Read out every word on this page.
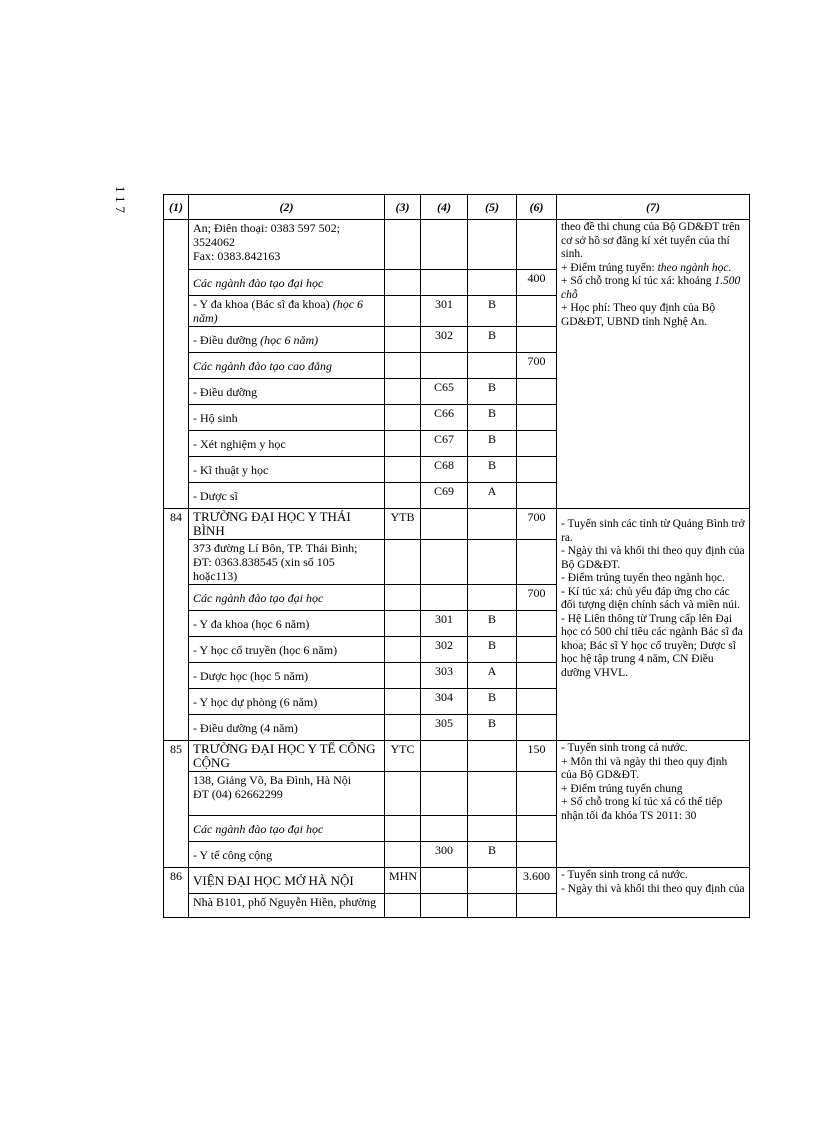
117	(1)	(2)	(3)	(4)	(5)	(6)	(7)

	An; Điên thoại: 0383 597 502; 3524062
Fax: 0383.842163					theo đề thi chung của Bộ GD&ĐT trên cơ sở hồ sơ đăng kí xét tuyển của thí sinh.
+ Điểm trúng tuyển: theo ngành học.
+ Số chỗ trong kí túc xá: khoảng 1.500 chỗ
+ Học phí: Theo quy định của Bộ GD&ĐT, UBND tỉnh Nghệ An.

	Các ngành đào tạo đại học				400	
	- Y đa khoa (Bác sĩ đa khoa) (học 6 năm)		301	B		
	- Điều dưỡng (học 6 năm)		302	B		
	Các ngành đào tạo cao đẳng				700	
	- Điều dưỡng		C65	B		
	- Hộ sinh		C66	B		
	- Xét nghiệm y học		C67	B		
	- Kĩ thuật y học		C68	B		
	- Dược sĩ		C69	A		
84	TRƯỜNG ĐẠI HỌC Y THÁI BÌNH	YTB			700	- Tuyển sinh các tỉnh từ Quảng Bình trở ra.
- Ngày thi và khối thi theo quy định của Bộ GD&ĐT.
- Điểm trúng tuyển theo ngành học.
- Kí túc xá: chủ yếu đáp ứng cho các đối tượng diện chính sách và miền núi.
- Hệ Liên thông từ Trung cấp lên Đại học có 500 chỉ tiêu các ngành Bác sĩ đa khoa; Bác sĩ Y học cổ truyền; Dược sĩ học hệ tập trung 4 năm, CN Điều dưỡng VHVL.

	373 đường Lí Bôn, TP. Thái Bình;
ĐT: 0363.838545 (xin số 105 hoặc113)					

	Các ngành đào tạo đại học				700	
	- Y đa khoa (học 6 năm)		301	B		
	- Y học cổ truyền (học 6 năm)		302	B		
	- Dược học (học 5 năm)		303	A		
	- Y học dự phòng (6 năm)		304	B		
	- Điều dưỡng (4 năm)		305	B		
85	TRƯỜNG ĐẠI HỌC Y TẾ CÔNG CỘNG	YTC			150	- Tuyển sinh trong cả nước.
+ Môn thi và ngày thi theo quy định của Bộ GD&ĐT.
+ Điểm trúng tuyển chung
+ Số chỗ trong kí túc xá có thể tiếp nhận tối đa khóa TS 2011: 30

	138, Giảng Võ, Ba Đình, Hà Nội
ĐT (04) 62662299					

	Các ngành đào tạo đại học					
	- Y tế công cộng		300	B		
86	VIỆN ĐẠI HỌC MỞ HÀ NỘI	MHN			3.600	- Tuyển sinh trong cả nước.
- Ngày thi và khối thi theo quy định của

	Nhà B101, phố Nguyễn Hiền, phường					
